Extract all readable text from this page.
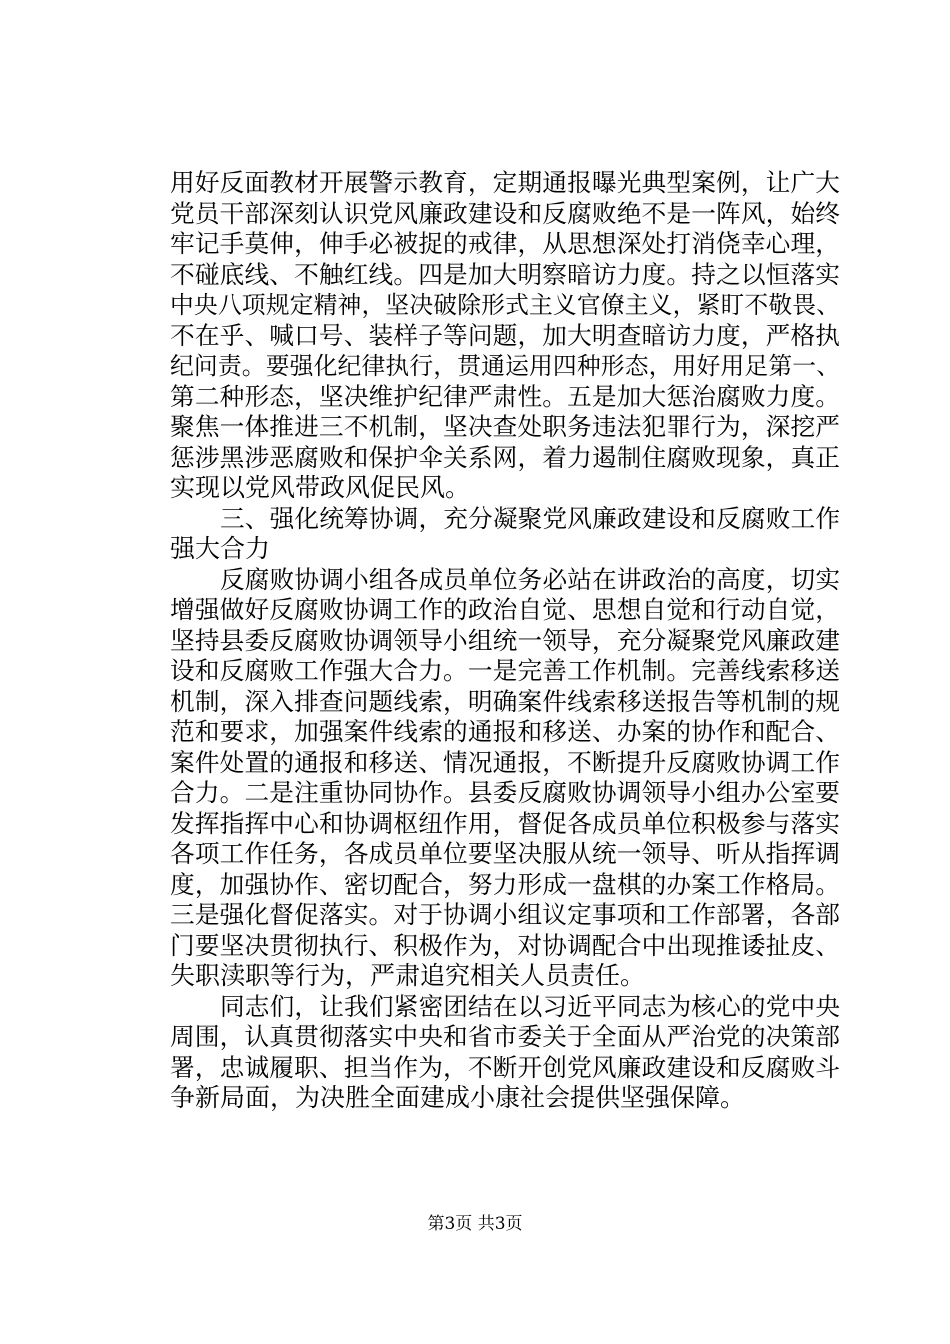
用好反面教材开展警示教育，定期通报曝光典型案例，让广大
党员干部深刻认识党风廉政建设和反腐败绝不是一阵风，始终
牢记手莫伸，伸手必被捉的戒律，从思想深处打消侥幸心理，
不碰底线、不触红线。四是加大明察暗访力度。持之以恒落实
中央八项规定精神，坚决破除形式主义官僚主义，紧盯不敬畏、
不在乎、喊口号、装样子等问题，加大明查暗访力度，严格执
纪问责。要强化纪律执行，贯通运用四种形态，用好用足第一、
第二种形态，坚决维护纪律严肃性。五是加大惩治腐败力度。
聚焦一体推进三不机制，坚决查处职务违法犯罪行为，深挖严
惩涉黑涉恶腐败和保护伞关系网，着力遏制住腐败现象，真正
实现以党风带政风促民风。
三、强化统筹协调，充分凝聚党风廉政建设和反腐败工作
强大合力
反腐败协调小组各成员单位务必站在讲政治的高度，切实
增强做好反腐败协调工作的政治自觉、思想自觉和行动自觉，
坚持县委反腐败协调领导小组统一领导，充分凝聚党风廉政建
设和反腐败工作强大合力。一是完善工作机制。完善线索移送
机制，深入排查问题线索，明确案件线索移送报告等机制的规
范和要求，加强案件线索的通报和移送、办案的协作和配合、
案件处置的通报和移送、情况通报，不断提升反腐败协调工作
合力。二是注重协同协作。县委反腐败协调领导小组办公室要
发挥指挥中心和协调枢纽作用，督促各成员单位积极参与落实
各项工作任务，各成员单位要坚决服从统一领导、听从指挥调
度，加强协作、密切配合，努力形成一盘棋的办案工作格局。
三是强化督促落实。对于协调小组议定事项和工作部署，各部
门要坚决贯彻执行、积极作为，对协调配合中出现推诿扯皮、
失职渎职等行为，严肃追究相关人员责任。
同志们，让我们紧密团结在以习近平同志为核心的党中央
周围，认真贯彻落实中央和省市委关于全面从严治党的决策部
署，忠诚履职、担当作为，不断开创党风廉政建设和反腐败斗
争新局面，为决胜全面建成小康社会提供坚强保障。
第3页 共3页
